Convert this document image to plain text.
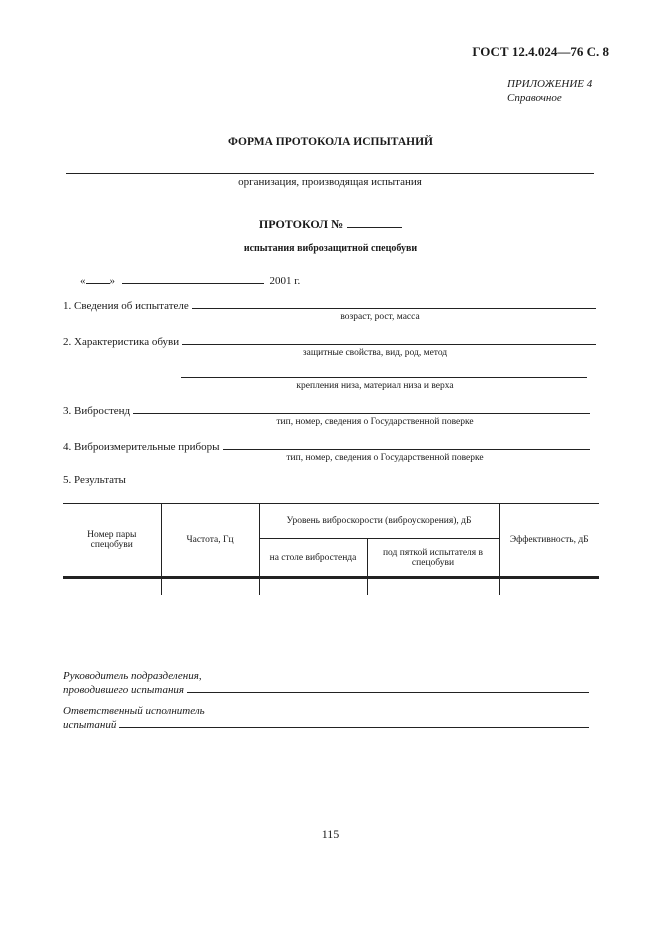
ГОСТ 12.4.024—76 С. 8
ПРИЛОЖЕНИЕ 4
Справочное
ФОРМА ПРОТОКОЛА ИСПЫТАНИЙ
организация, производящая испытания
ПРОТОКОЛ №
испытания виброзащитной спецобуви
« »	2001 г.
1. Сведения об испытателе
возраст, рост, масса
2. Характеристика обуви
защитные свойства, вид, род, метод
крепления низа, материал низа и верха
3. Вибростенд
тип, номер, сведения о Государственной поверке
4. Виброизмерительные приборы
тип, номер, сведения о Государственной поверке
5. Результаты
Номер пары спецобуви	Частота, Гц	Уровень виброскорости (виброускорения), дБ		Эффективность, дБ
		на столе вибростенда	под пяткой испытателя в спецобуви	

Руководитель подразделения,
проводившего испытания
Ответственный исполнитель
испытаний
115
